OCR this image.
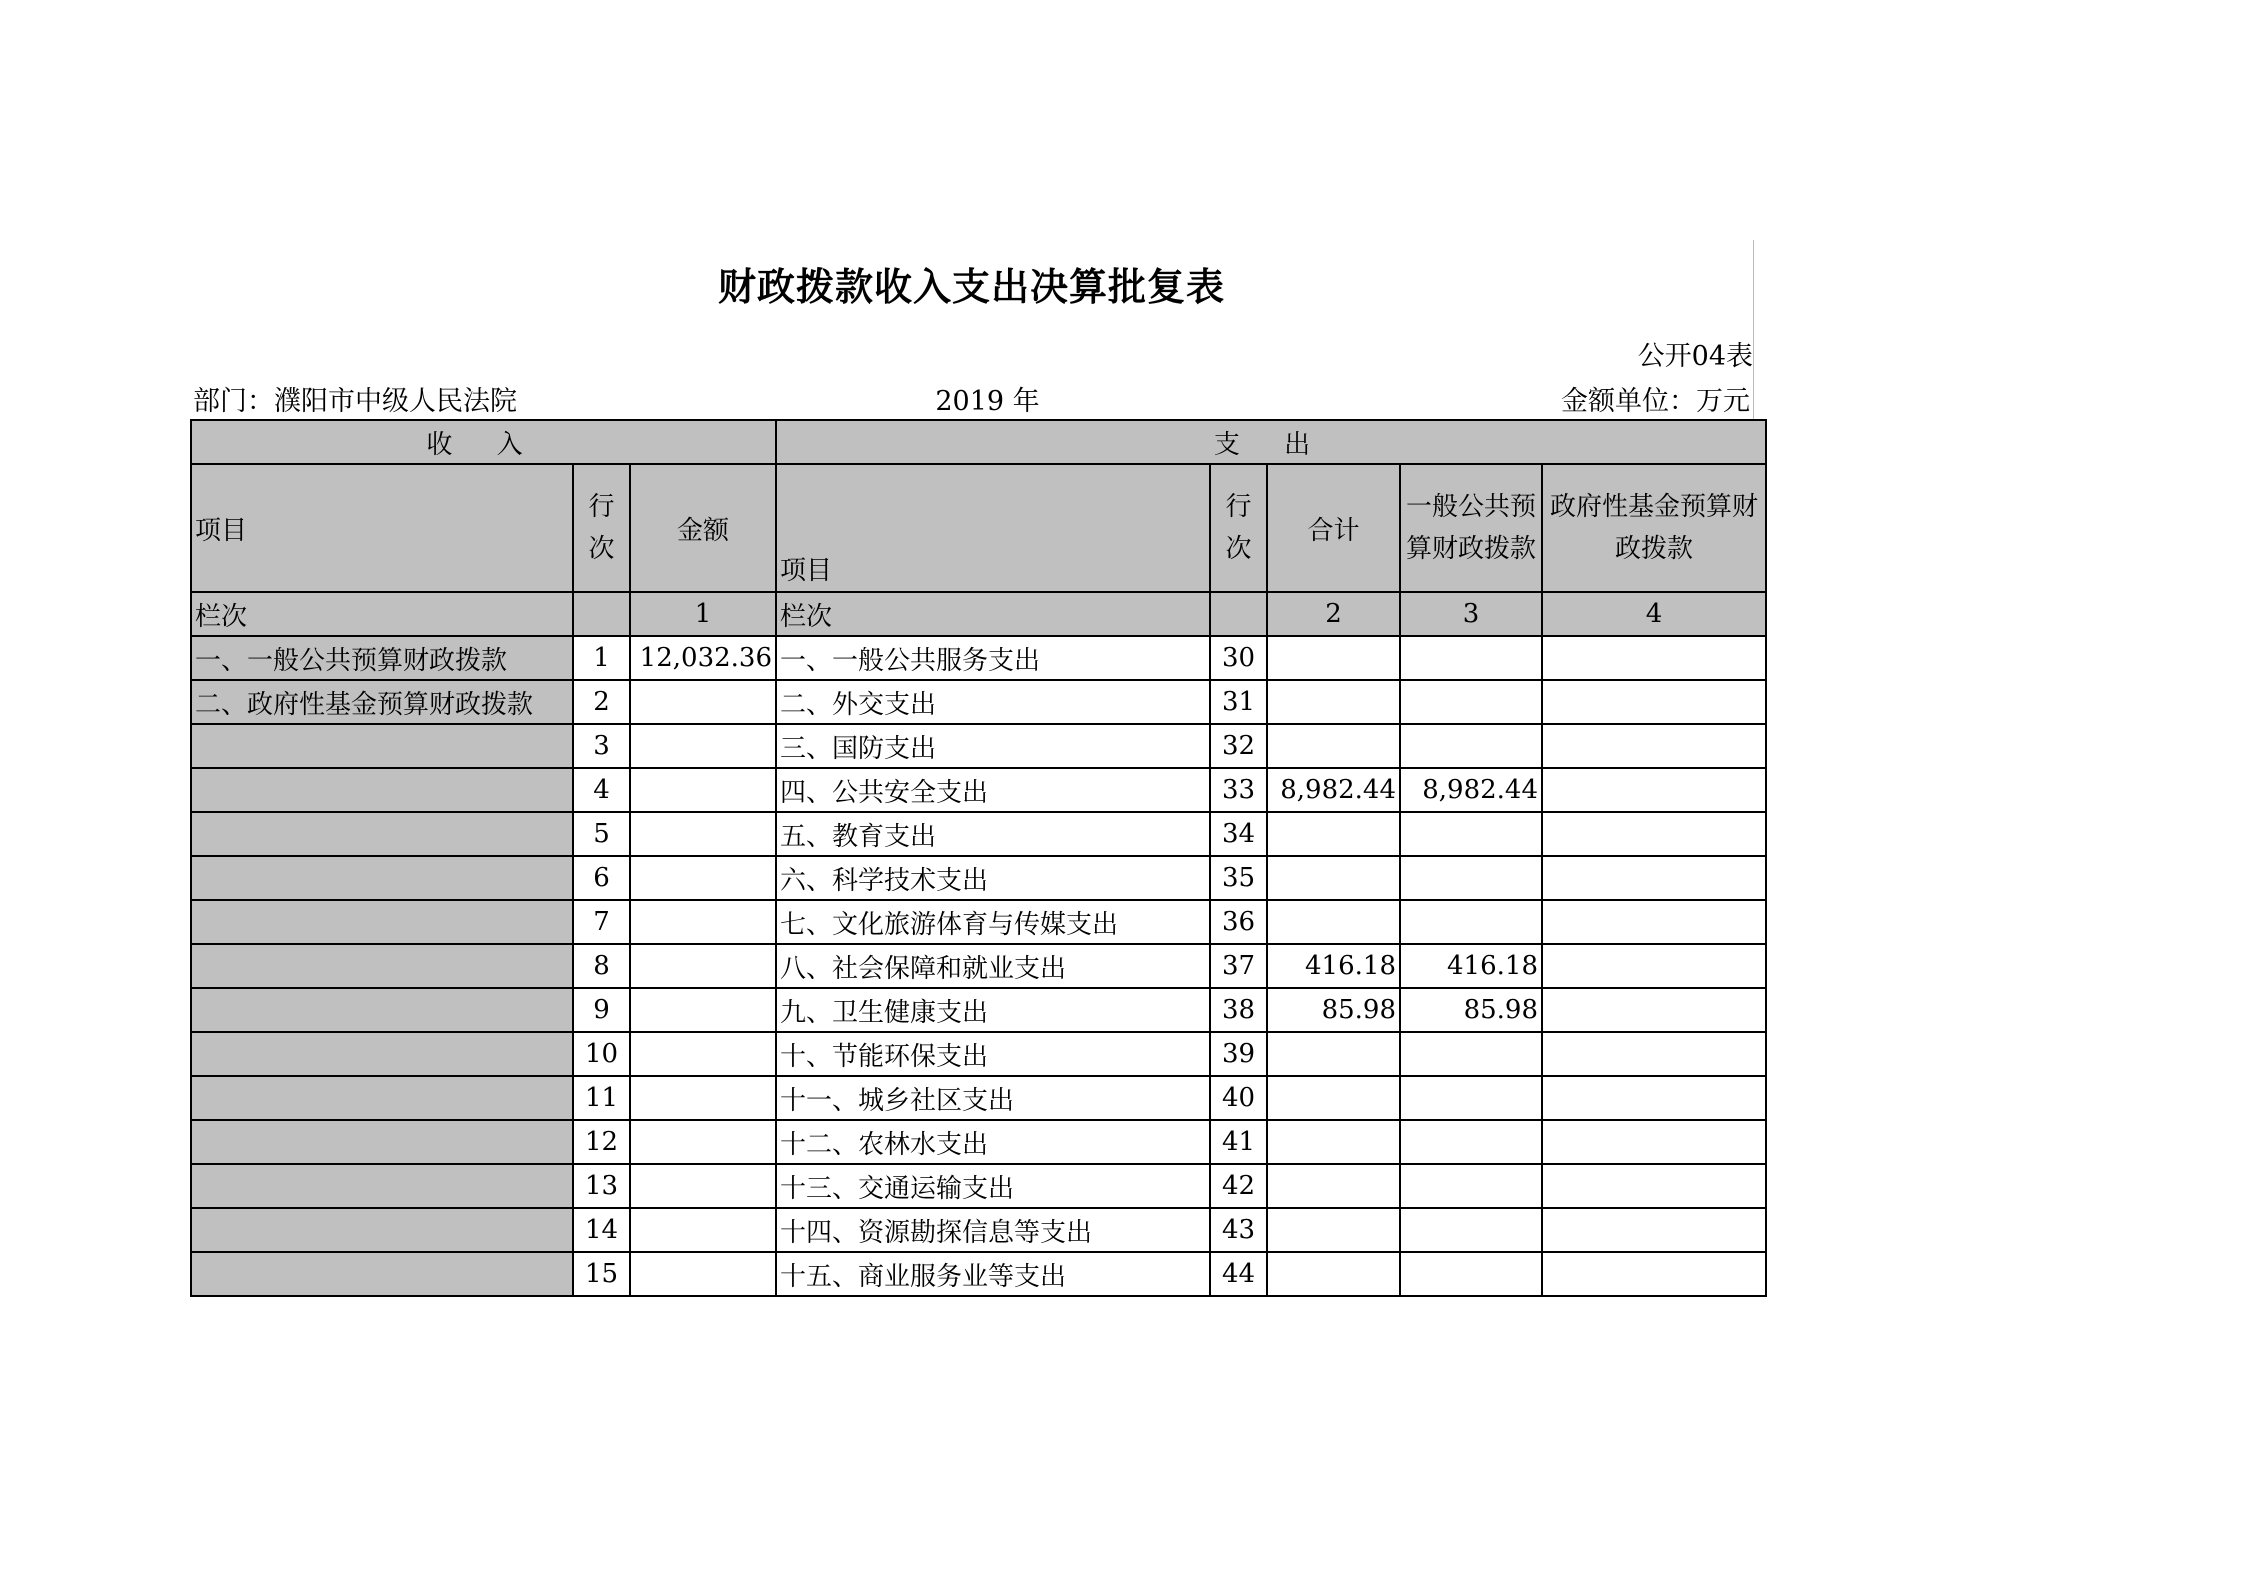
财政拨款收入支出决算批复表
公开04表
部门：濮阳市中级人民法院	2019 年	金额单位：万元
收 入			支 出				
项目	行次	金额	项目	行次	合计	一般公共预算财政拨款	政府性基金预算财政拨款
栏次		1	栏次		2	3	4
一、一般公共预算财政拨款	1	12,032.36	一、一般公共服务支出	30			
二、政府性基金预算财政拨款	2		二、外交支出	31			
	3		三、国防支出	32			
	4		四、公共安全支出	33	8,982.44	8,982.44	
	5		五、教育支出	34			
	6		六、科学技术支出	35			
	7		七、文化旅游体育与传媒支出	36			
	8		八、社会保障和就业支出	37	416.18	416.18	
	9		九、卫生健康支出	38	85.98	85.98	
	10		十、节能环保支出	39			
	11		十一、城乡社区支出	40			
	12		十二、农林水支出	41			
	13		十三、交通运输支出	42			
	14		十四、资源勘探信息等支出	43			
	15		十五、商业服务业等支出	44			
